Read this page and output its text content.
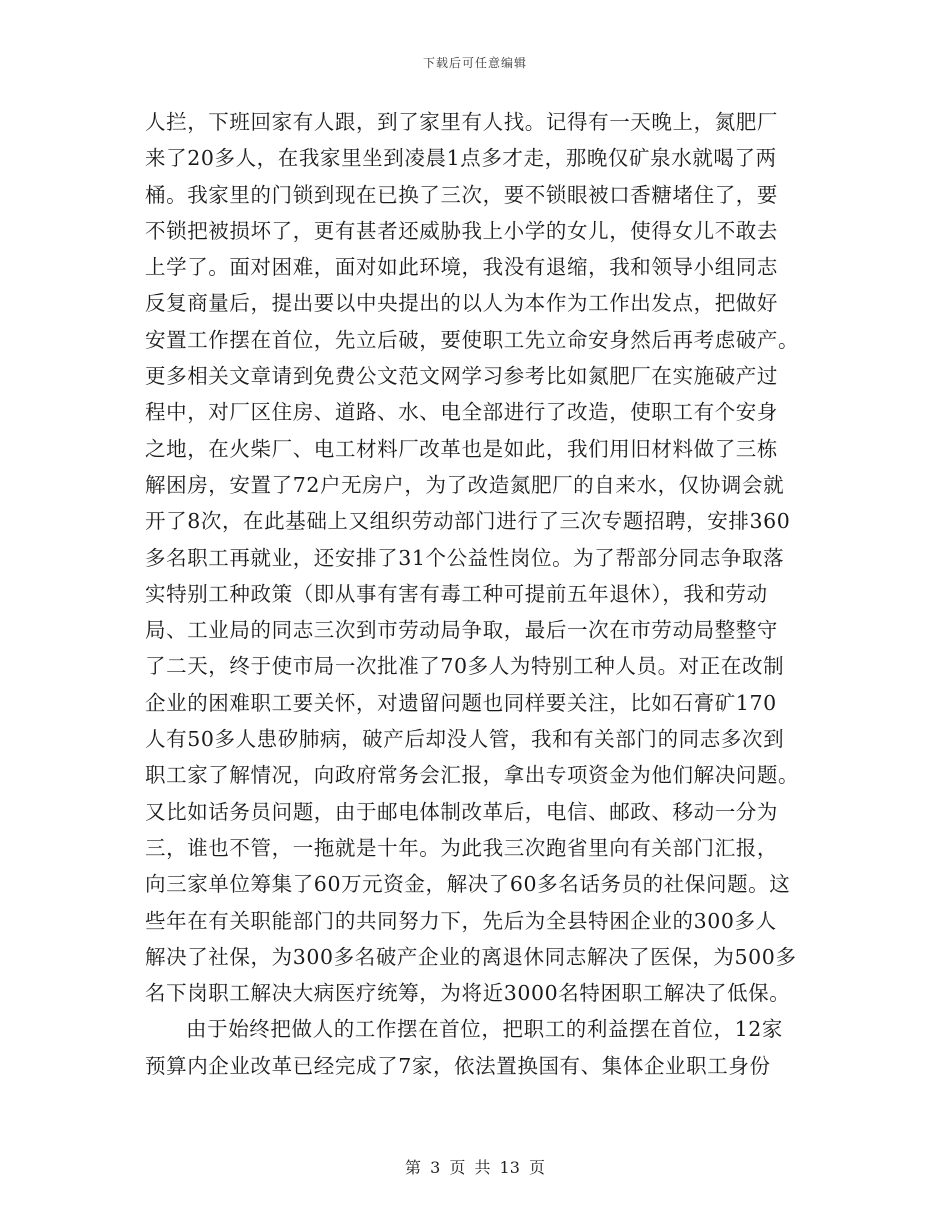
下载后可任意编辑
人拦，下班回家有人跟，到了家里有人找。记得有一天晚上，氮肥厂
来了20多人，在我家里坐到凌晨1点多才走，那晚仅矿泉水就喝了两
桶。我家里的门锁到现在已换了三次，要不锁眼被口香糖堵住了，要
不锁把被损坏了，更有甚者还威胁我上小学的女儿，使得女儿不敢去
上学了。面对困难，面对如此环境，我没有退缩，我和领导小组同志
反复商量后，提出要以中央提出的以人为本作为工作出发点，把做好
安置工作摆在首位，先立后破，要使职工先立命安身然后再考虑破产。
更多相关文章请到免费公文范文网学习参考比如氮肥厂在实施破产过
程中，对厂区住房、道路、水、电全部进行了改造，使职工有个安身
之地，在火柴厂、电工材料厂改革也是如此，我们用旧材料做了三栋
解困房，安置了72户无房户，为了改造氮肥厂的自来水，仅协调会就
开了8次，在此基础上又组织劳动部门进行了三次专题招聘，安排360
多名职工再就业，还安排了31个公益性岗位。为了帮部分同志争取落
实特别工种政策（即从事有害有毒工种可提前五年退休），我和劳动
局、工业局的同志三次到市劳动局争取，最后一次在市劳动局整整守
了二天，终于使市局一次批准了70多人为特别工种人员。对正在改制
企业的困难职工要关怀，对遗留问题也同样要关注，比如石膏矿170
人有50多人患矽肺病，破产后却没人管，我和有关部门的同志多次到
职工家了解情况，向政府常务会汇报，拿出专项资金为他们解决问题。
又比如话务员问题，由于邮电体制改革后，电信、邮政、移动一分为
三，谁也不管，一拖就是十年。为此我三次跑省里向有关部门汇报，
向三家单位筹集了60万元资金，解决了60多名话务员的社保问题。这
些年在有关职能部门的共同努力下，先后为全县特困企业的300多人
解决了社保，为300多名破产企业的离退休同志解决了医保，为500多
名下岗职工解决大病医疗统筹，为将近3000名特困职工解决了低保。
由于始终把做人的工作摆在首位，把职工的利益摆在首位，12家
预算内企业改革已经完成了7家，依法置换国有、集体企业职工身份
第 3 页 共 13 页
